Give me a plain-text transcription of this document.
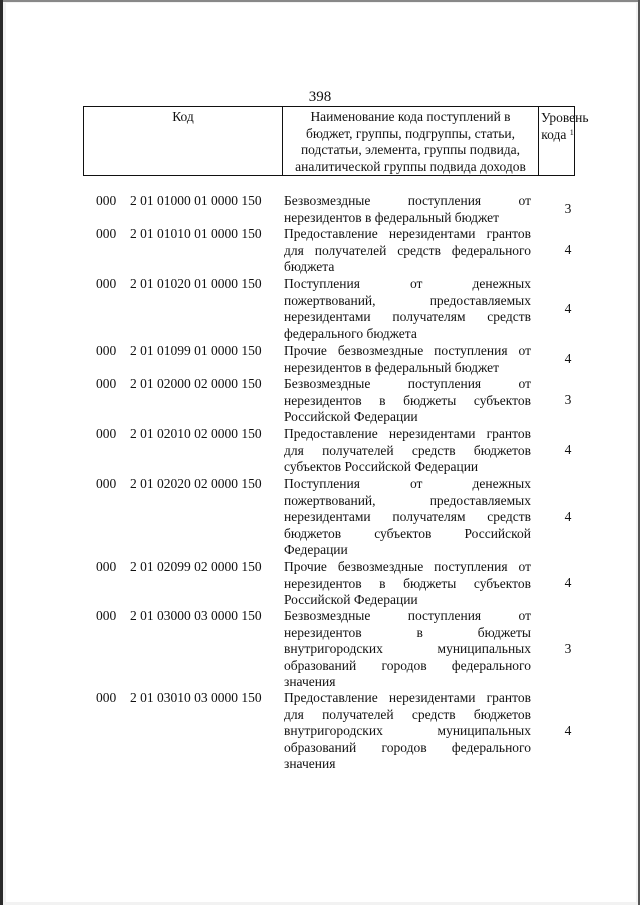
398
Код	Наименование кода поступлений в
бюджет, группы, подгруппы, статьи,
подстатьи, элемента, группы подвида,
аналитической группы подвида доходов
Уровень
кода $^1$
000 2 01 01000 01 0000 150 Безвозмездные поступления от
нерезидентов в федеральный бюджет
3
000 2 01 01010 01 0000 150 Предоставление нерезидентами грантов
для получателей средств федерального
бюджета
4
000 2 01 01020 01 0000 150 Поступления от денежных
пожертвований, предоставляемых
нерезидентами получателям средств
федерального бюджета
4
000 2 01 01099 01 0000 150 Прочие безвозмездные поступления от
нерезидентов в федеральный бюджет
4
000 2 01 02000 02 0000 150 Безвозмездные поступления от
нерезидентов в бюджеты субъектов
Российской Федерации
3
000 2 01 02010 02 0000 150 Предоставление нерезидентами грантов
для получателей средств бюджетов
субъектов Российской Федерации
4
000 2 01 02020 02 0000 150 Поступления от денежных
пожертвований, предоставляемых
нерезидентами получателям средств
бюджетов субъектов Российской
Федерации
4
000 2 01 02099 02 0000 150 Прочие безвозмездные поступления от
нерезидентов в бюджеты субъектов
Российской Федерации
4
000 2 01 03000 03 0000 150 Безвозмездные поступления от
нерезидентов в бюджеты
внутригородских муниципальных
образований городов федерального
значения
3
000 2 01 03010 03 0000 150 Предоставление нерезидентами грантов
для получателей средств бюджетов
внутригородских муниципальных
образований городов федерального
значения
4
